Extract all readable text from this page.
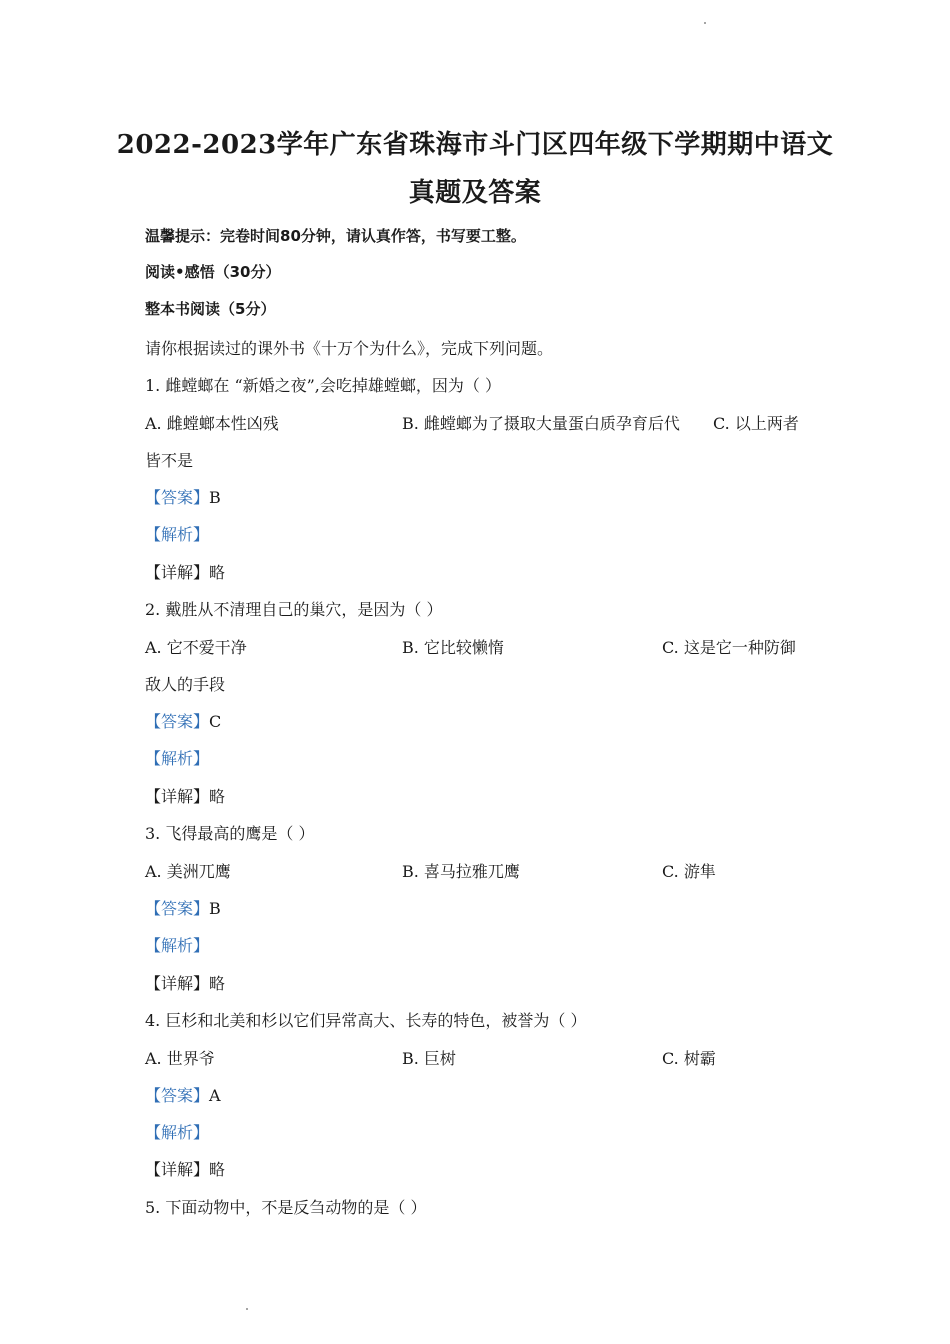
2022-2023学年广东省珠海市斗门区四年级下学期期中语文
真题及答案
温馨提示：完卷时间80分钟，请认真作答，书写要工整。
阅读•感悟（30分）
整本书阅读（5分）
请你根据读过的课外书《十万个为什么》，完成下列问题。
1. 雌螳螂在 “新婚之夜”,会吃掉雄螳螂，因为（ ）
A. 雌螳螂本性凶残	B. 雌螳螂为了摄取大量蛋白质孕育后代 C. 以上两者
皆不是
【答案】B
【解析】
【详解】略
2. 戴胜从不清理自己的巢穴，是因为（ ）
A. 它不爱干净	B. 它比较懒惰	C. 这是它一种防御
敌人的手段
【答案】C
【解析】
【详解】略
3. 飞得最高的鹰是（ ）
A. 美洲兀鹰	B. 喜马拉雅兀鹰	C. 游隼
【答案】B
【解析】
【详解】略
4. 巨杉和北美和杉以它们异常高大、长寿的特色，被誉为（ ）
A. 世界爷	B. 巨树	C. 树霸
【答案】A
【解析】
【详解】略
5. 下面动物中，不是反刍动物的是（ ）
